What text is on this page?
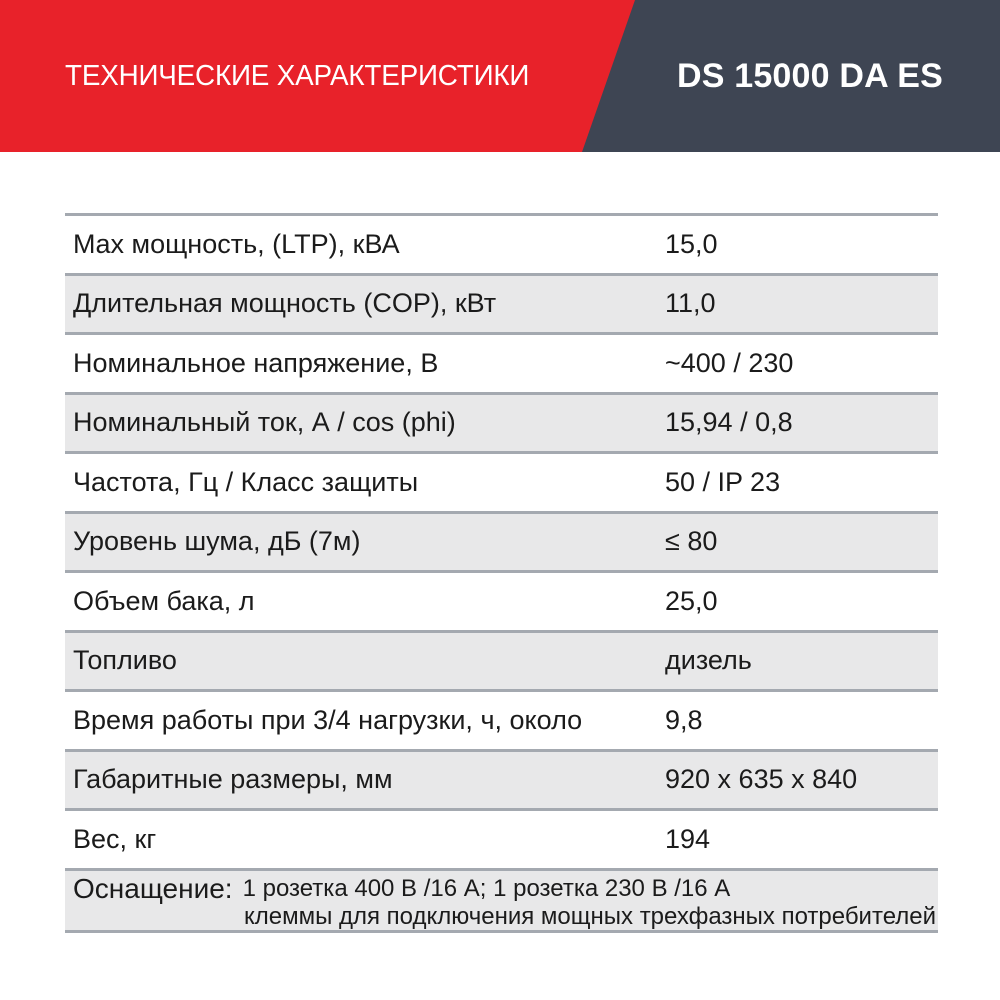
ТЕХНИЧЕСКИЕ ХАРАКТЕРИСТИКИ	DS 15000 DA ES
Max мощность, (LTP), кВА	15,0
Длительная мощность (COP), кВт	11,0
Номинальное напряжение, В	~400 / 230
Номинальный ток, А / cos (phi)	15,94 / 0,8
Частота, Гц / Класс защиты	50 / IP 23
Уровень шума, дБ (7м)	≤ 80
Объем бака, л	25,0
Топливо	дизель
Время работы при 3/4 нагрузки, ч, около	9,8
Габаритные размеры, мм	920 x 635 x 840
Вес, кг	194
Оснащение: 1 розетка 400 В /16 А; 1 розетка 230 В /16 А
клеммы для подключения мощных трехфазных потребителей
